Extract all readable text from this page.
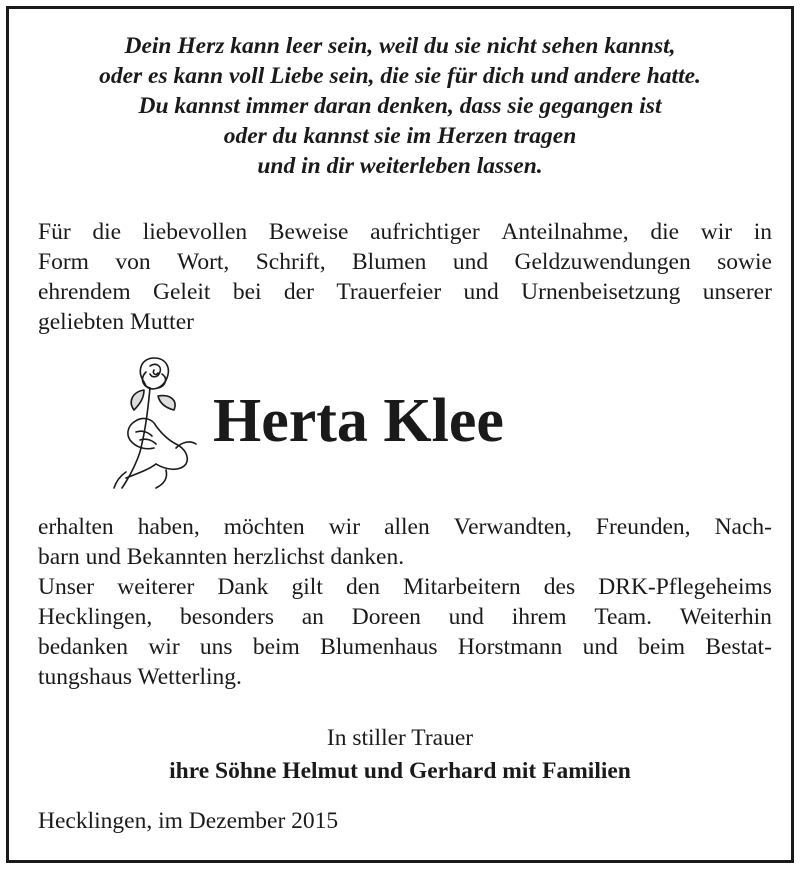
Dein Herz kann leer sein, weil du sie nicht sehen kannst,
oder es kann voll Liebe sein, die sie für dich und andere hatte.
Du kannst immer daran denken, dass sie gegangen ist
oder du kannst sie im Herzen tragen
und in dir weiterleben lassen.
Für die liebevollen Beweise aufrichtiger Anteilnahme, die wir in
Form von Wort, Schrift, Blumen und Geldzuwendungen sowie
ehrendem Geleit bei der Trauerfeier und Urnenbeisetzung unserer
geliebten Mutter
Herta Klee
erhalten haben, möchten wir allen Verwandten, Freunden, Nach-
barn und Bekannten herzlichst danken.
Unser weiterer Dank gilt den Mitarbeitern des DRK-Pflegeheims
Hecklingen, besonders an Doreen und ihrem Team. Weiterhin
bedanken wir uns beim Blumenhaus Horstmann und beim Bestat-
tungshaus Wetterling.
In stiller Trauer
ihre Söhne Helmut und Gerhard mit Familien
Hecklingen, im Dezember 2015
